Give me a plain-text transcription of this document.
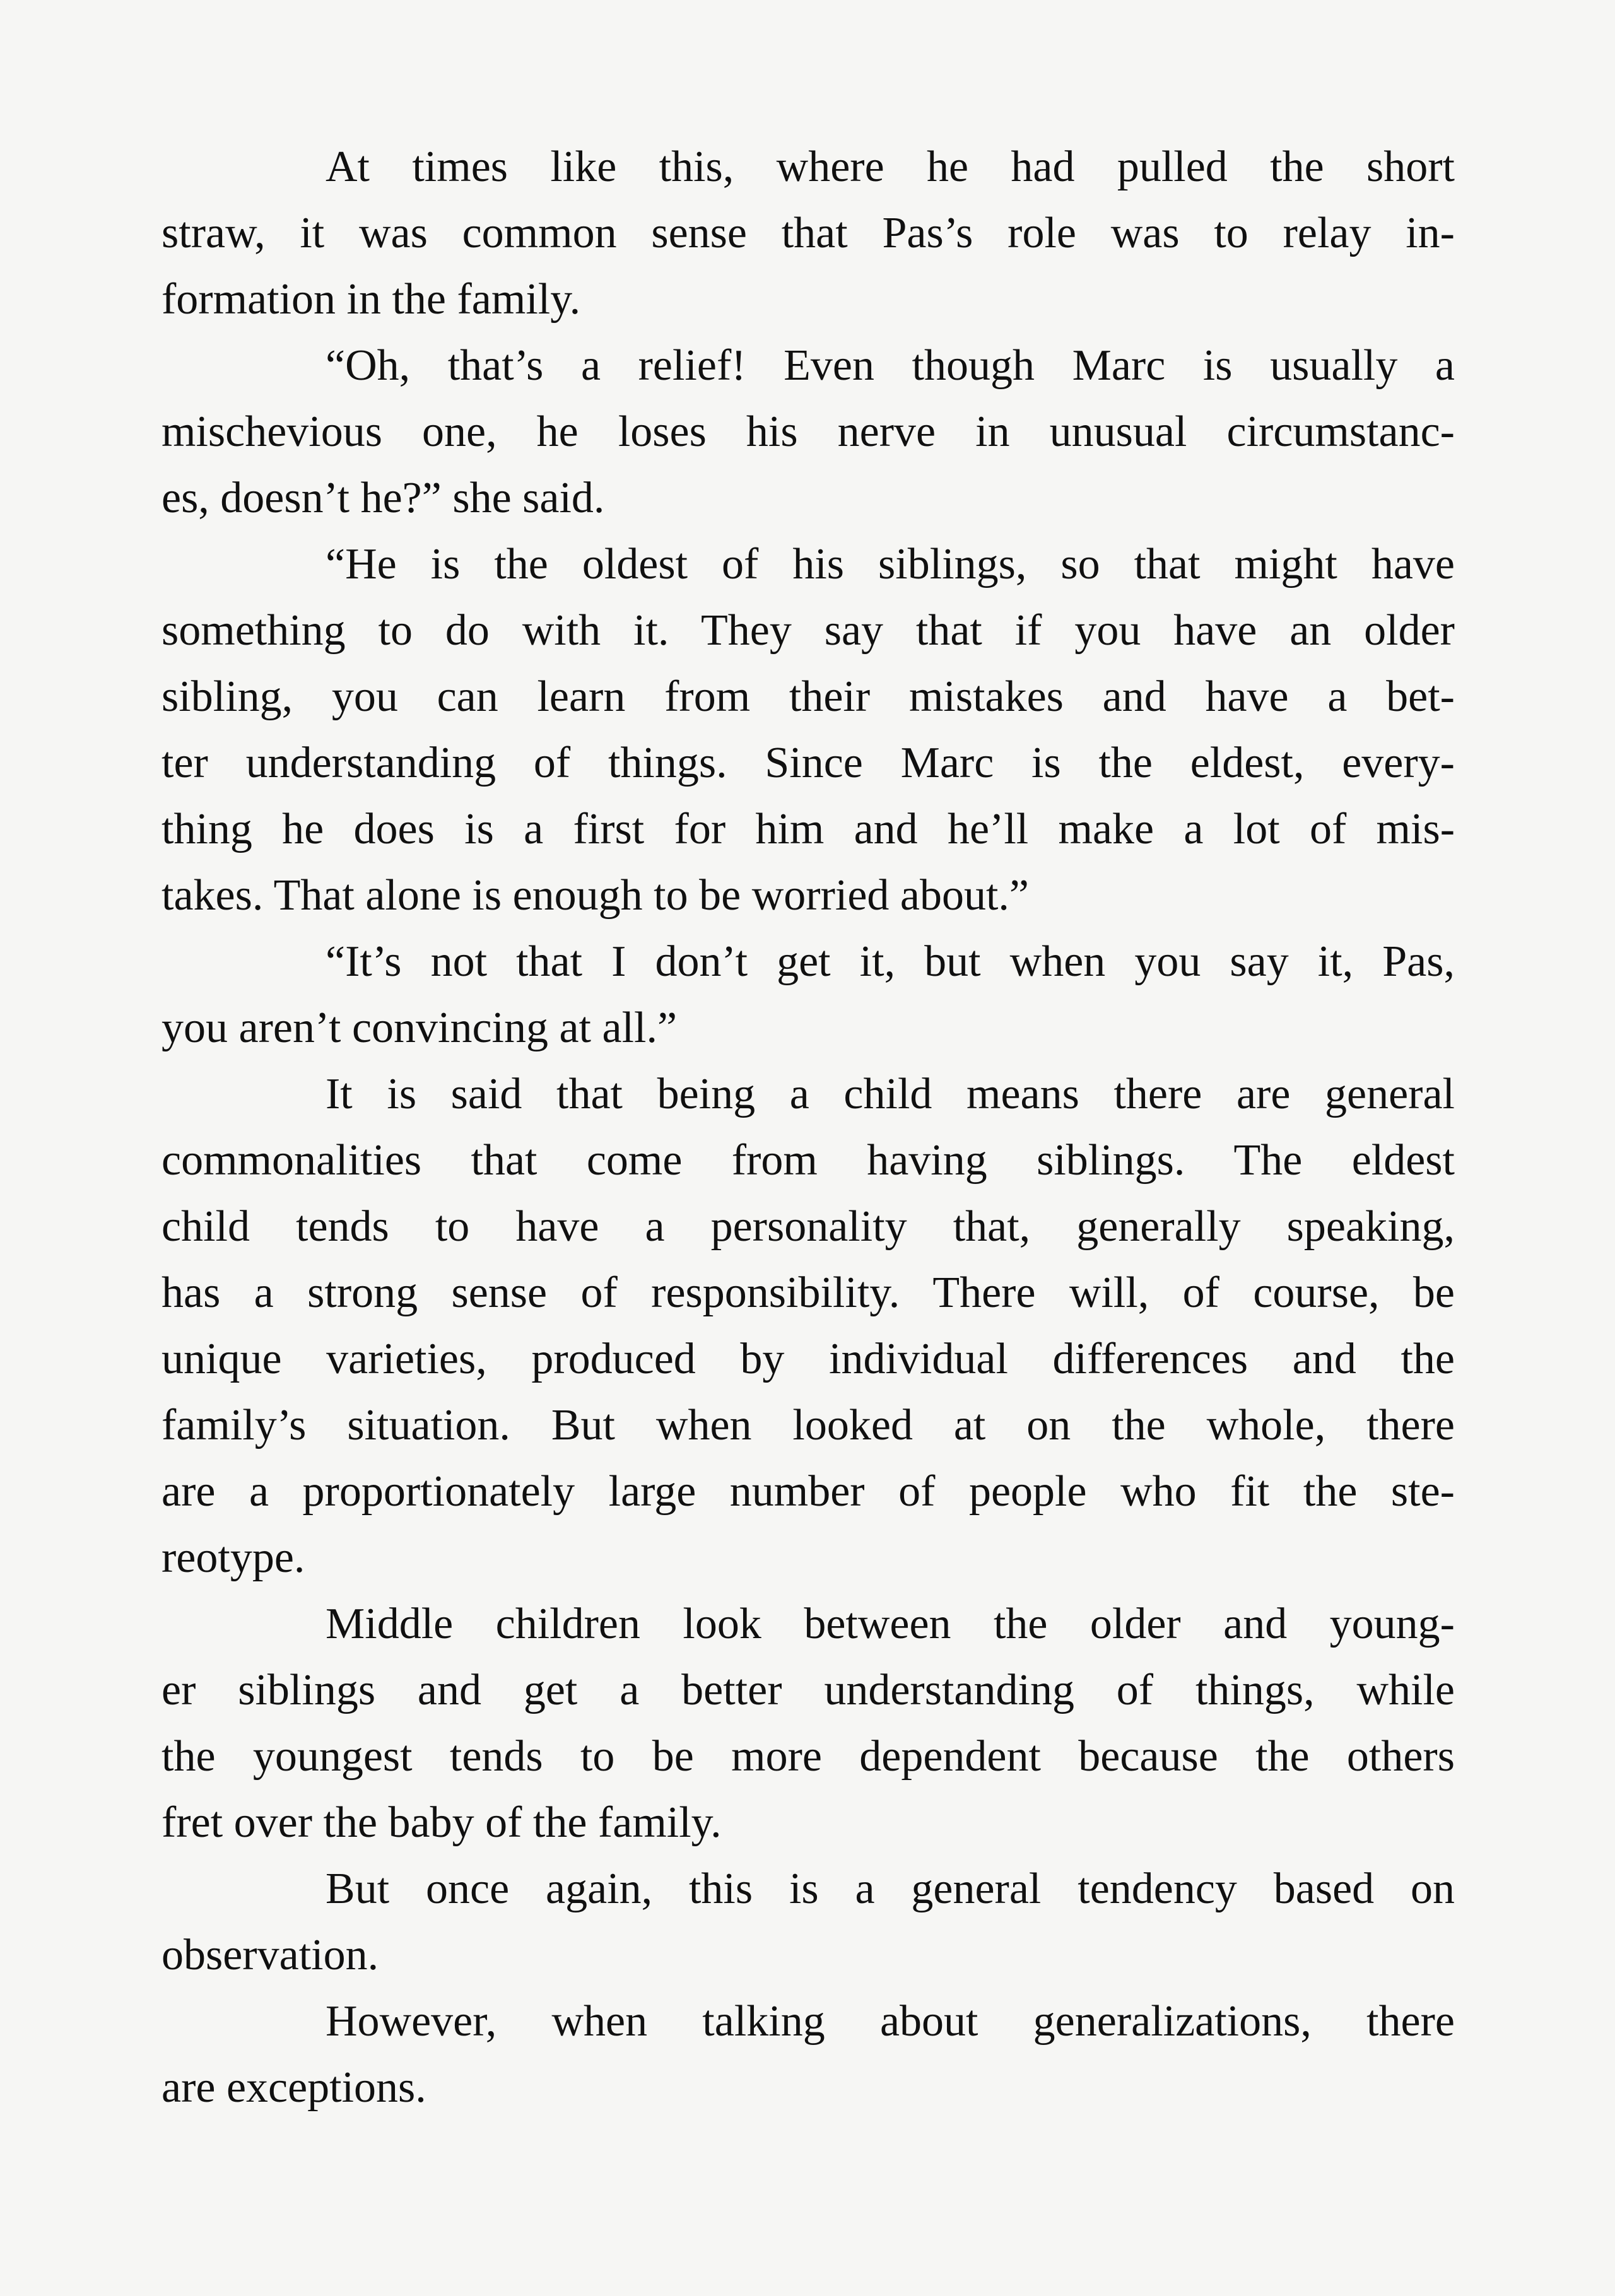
At times like this, where he had pulled the short
straw, it was common sense that Pas’s role was to relay in-
formation in the family.
“Oh, that’s a relief! Even though Marc is usually a
mischevious one, he loses his nerve in unusual circumstanc-
es, doesn’t he?” she said.
“He is the oldest of his siblings, so that might have
something to do with it. They say that if you have an older
sibling, you can learn from their mistakes and have a bet-
ter understanding of things. Since Marc is the eldest, every-
thing he does is a first for him and he’ll make a lot of mis-
takes. That alone is enough to be worried about.”
“It’s not that I don’t get it, but when you say it, Pas,
you aren’t convincing at all.”
It is said that being a child means there are general
commonalities that come from having siblings. The eldest
child tends to have a personality that, generally speaking,
has a strong sense of responsibility. There will, of course, be
unique varieties, produced by individual differences and the
family’s situation. But when looked at on the whole, there
are a proportionately large number of people who fit the ste-
reotype.
Middle children look between the older and young-
er siblings and get a better understanding of things, while
the youngest tends to be more dependent because the others
fret over the baby of the family.
But once again, this is a general tendency based on
observation.
However, when talking about generalizations, there
are exceptions.
